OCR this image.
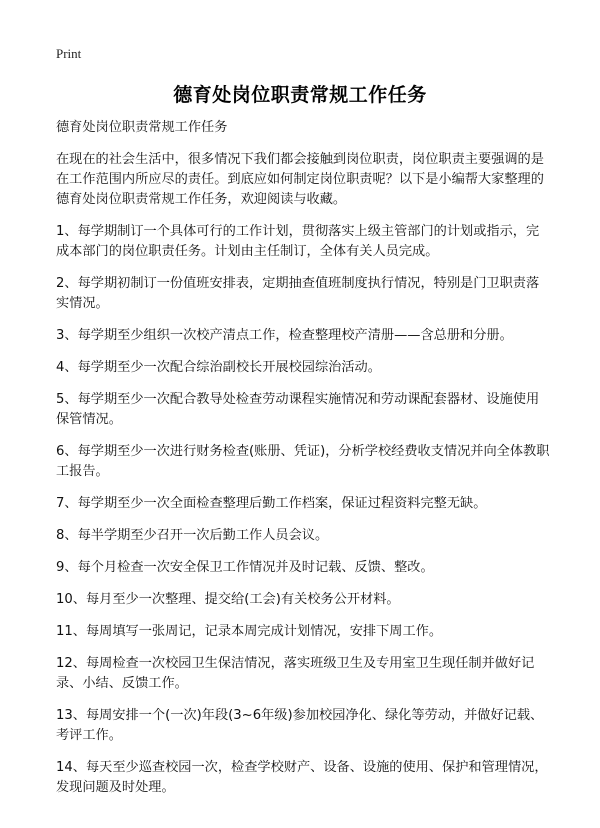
Print
德育处岗位职责常规工作任务

德育处岗位职责常规工作任务

在现在的社会生活中，很多情况下我们都会接触到岗位职责，岗位职责主要强调的是在工作范围内所应尽的责任。到底应如何制定岗位职责呢？以下是小编帮大家整理的德育处岗位职责常规工作任务，欢迎阅读与收藏。

1、每学期制订一个具体可行的工作计划，贯彻落实上级主管部门的计划或指示，完成本部门的岗位职责任务。计划由主任制订，全体有关人员完成。

2、每学期初制订一份值班安排表，定期抽查值班制度执行情况，特别是门卫职责落实情况。

3、每学期至少组织一次校产清点工作，检查整理校产清册——含总册和分册。

4、每学期至少一次配合综治副校长开展校园综治活动。

5、每学期至少一次配合教导处检查劳动课程实施情况和劳动课配套器材、设施使用保管情况。

6、每学期至少一次进行财务检查(账册、凭证)，分析学校经费收支情况并向全体教职工报告。

7、每学期至少一次全面检查整理后勤工作档案，保证过程资料完整无缺。

8、每半学期至少召开一次后勤工作人员会议。

9、每个月检查一次安全保卫工作情况并及时记载、反馈、整改。

10、每月至少一次整理、提交给(工会)有关校务公开材料。

11、每周填写一张周记，记录本周完成计划情况，安排下周工作。

12、每周检查一次校园卫生保洁情况，落实班级卫生及专用室卫生现任制并做好记录、小结、反馈工作。

13、每周安排一个(一次)年段(3~6年级)参加校园净化、绿化等劳动，并做好记载、考评工作。

14、每天至少巡查校园一次，检查学校财产、设备、设施的使用、保护和管理情况，发现问题及时处理。
